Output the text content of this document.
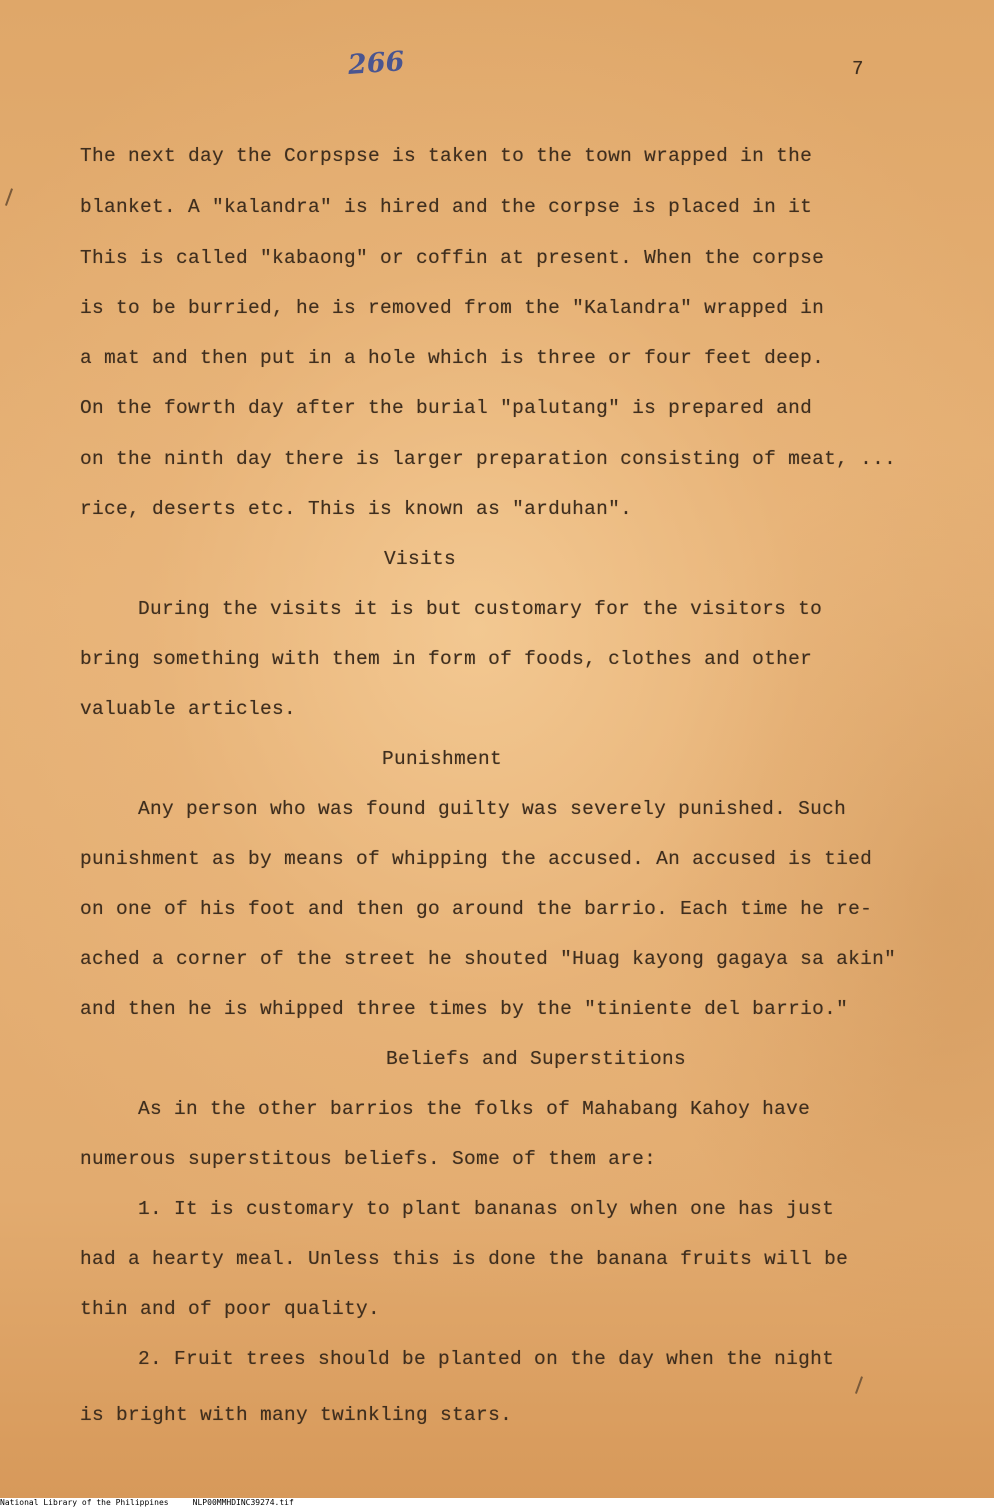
266	7

The next day the Corpspse is taken to the town wrapped in the

blanket. A "kalandra" is hired and the corpse is placed in it

This is called "kabaong" or coffin at present. When the corpse

is to be burried, he is removed from the "Kalandra" wrapped in

a mat and then put in a hole which is three or four feet deep.

On the fowrth day after the burial "palutang" is prepared and

on the ninth day there is larger preparation consisting of meat, ...

rice, deserts etc. This is known as "arduhan".

Visits

During the visits it is but customary for the visitors to

bring something with them in form of foods, clothes and other

valuable articles.

Punishment

Any person who was found guilty was severely punished. Such

punishment as by means of whipping the accused. An accused is tied

on one of his foot and then go around the barrio. Each time he re-

ached a corner of the street he shouted "Huag kayong gagaya sa akin"

and then he is whipped three times by the "tiniente del barrio."

Beliefs and Superstitions

As in the other barrios the folks of Mahabang Kahoy have

numerous superstitous beliefs. Some of them are:

1. It is customary to plant bananas only when one has just

had a hearty meal. Unless this is done the banana fruits will be

thin and of poor quality.

2. Fruit trees should be planted on the day when the night

is bright with many twinkling stars.

National Library of the Philippines	NLP00MMHDINC39274.tif
